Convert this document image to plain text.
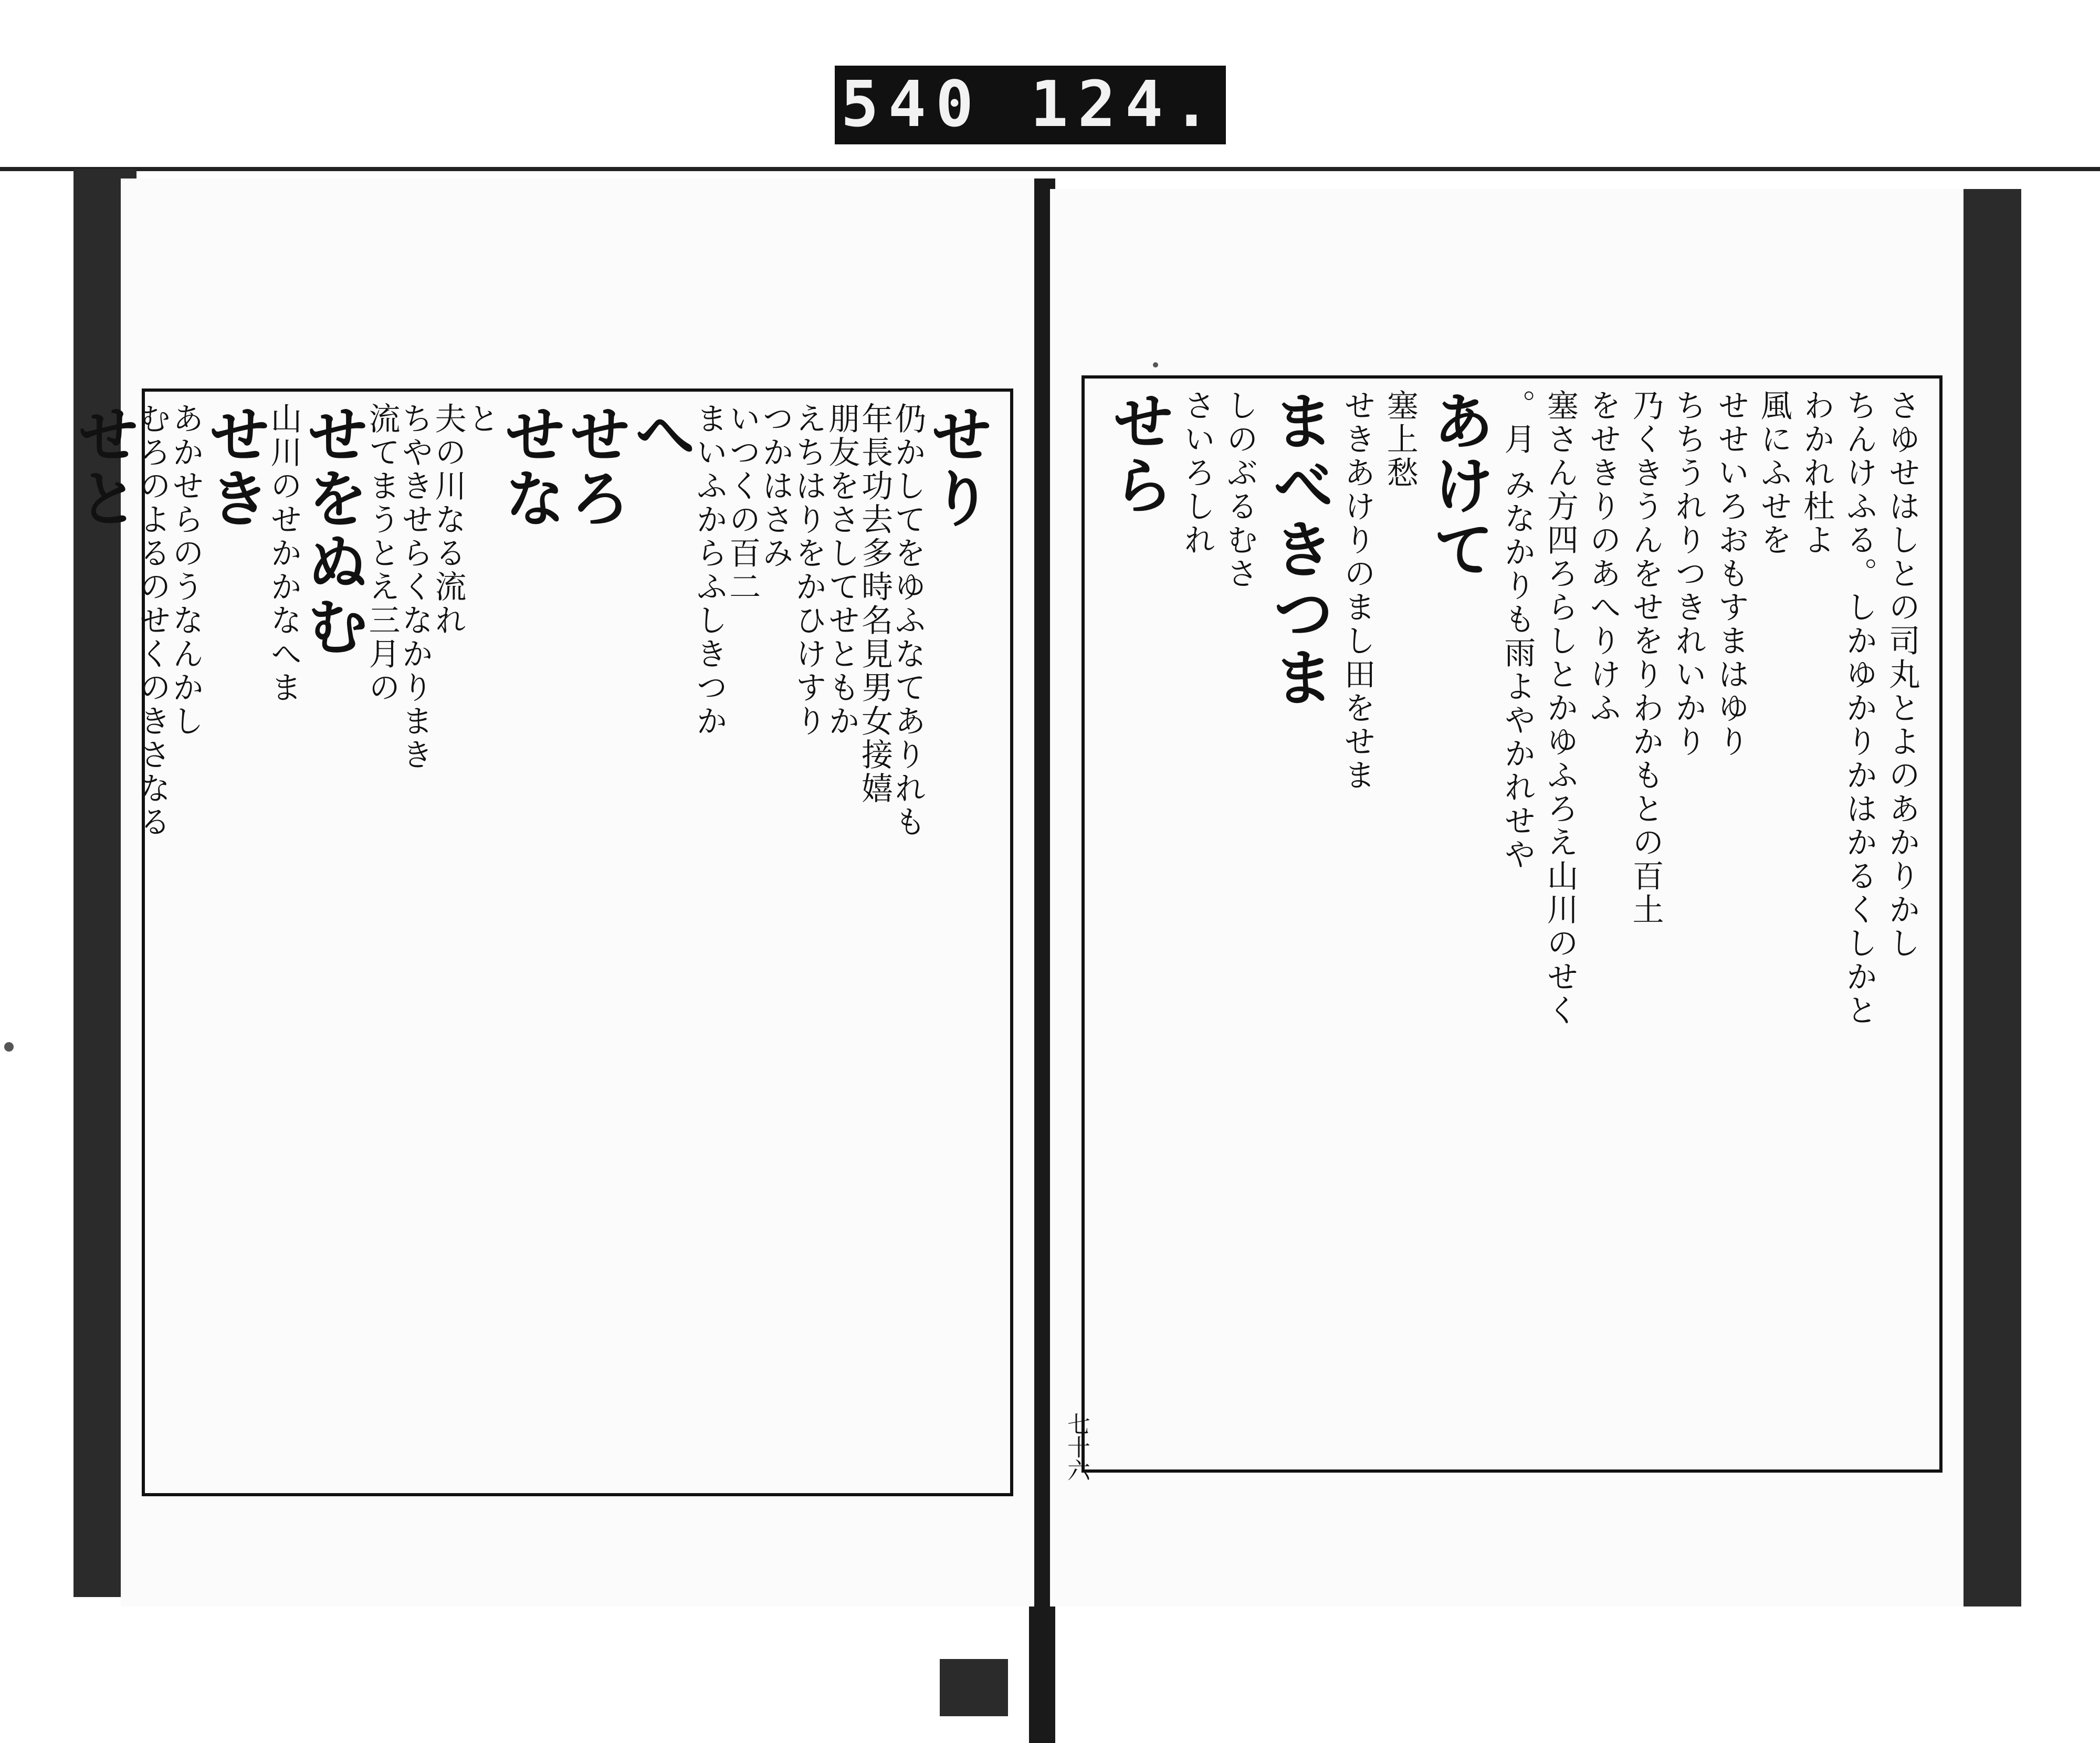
540 124.
せり
仍かしてをゆふなてありれも
年長功去多時名見男女接嬉
朋友をさしてせともか
えちはりをかひけすり
つかはさみ
いつくの百二
まいふからふしきつか
へ
せろ
せな
と
夫の川なる流れ
ちやきせらくなかりまき
流てまうとえ三月の
せをぬむ
山川のせかかなへま
せき
あかせらのうなんかし
むろのよるのせくのきさなる
せと	さゆせはしとの司丸とよのあかりかし
ちんけふる。しかゆかりかはかるくしかと
わかれ杜よ
風にふせを
せせいろおもすまはゆり
ちちうれりつきれいかり
乃くきうんをせをりわかもとの百土
をせきりのあへりけふ
塞さん方四ろらしとかゆふろえ山川のせく
。月 みなかりも雨よやかれせや
あけて
塞上愁
せきあけりのまし田をせま
まべきつま
しのぶるむさ
さいろしれ
せら
七十六
